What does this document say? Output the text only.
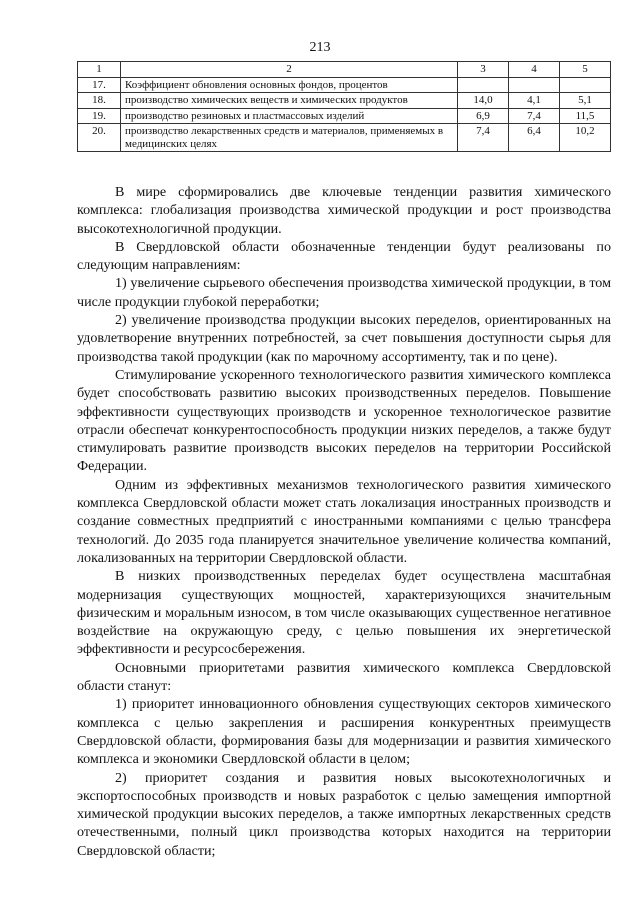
213
1	2	3	4	5
17.	Коэффициент обновления основных фондов, процентов			
18.	производство химических веществ и химических продуктов	14,0	4,1	5,1
19.	производство резиновых и пластмассовых изделий	6,9	7,4	11,5
20.	производство лекарственных средств и материалов, применяемых в медицинских целях	7,4	6,4	10,2

В мире сформировались две ключевые тенденции развития химического комплекса: глобализация производства химической продукции и рост производства высокотехнологичной продукции.

В Свердловской области обозначенные тенденции будут реализованы по следующим направлениям:

1) увеличение сырьевого обеспечения производства химической продукции, в том числе продукции глубокой переработки;

2) увеличение производства продукции высоких переделов, ориентированных на удовлетворение внутренних потребностей, за счет повышения доступности сырья для производства такой продукции (как по марочному ассортименту, так и по цене).

Стимулирование ускоренного технологического развития химического комплекса будет способствовать развитию высоких производственных переделов. Повышение эффективности существующих производств и ускоренное технологическое развитие отрасли обеспечат конкурентоспособность продукции низких переделов, а также будут стимулировать развитие производств высоких переделов на территории Российской Федерации.

Одним из эффективных механизмов технологического развития химического комплекса Свердловской области может стать локализация иностранных производств и создание совместных предприятий с иностранными компаниями с целью трансфера технологий. До 2035 года планируется значительное увеличение количества компаний, локализованных на территории Свердловской области.

В низких производственных переделах будет осуществлена масштабная модернизация существующих мощностей, характеризующихся значительным физическим и моральным износом, в том числе оказывающих существенное негативное воздействие на окружающую среду, с целью повышения их энергетической эффективности и ресурсосбережения.

Основными приоритетами развития химического комплекса Свердловской области станут:

1) приоритет инновационного обновления существующих секторов химического комплекса с целью закрепления и расширения конкурентных преимуществ Свердловской области, формирования базы для модернизации и развития химического комплекса и экономики Свердловской области в целом;

2) приоритет создания и развития новых высокотехнологичных и экспортоспособных производств и новых разработок с целью замещения импортной химической продукции высоких переделов, а также импортных лекарственных средств отечественными, полный цикл производства которых находится на территории Свердловской области;
